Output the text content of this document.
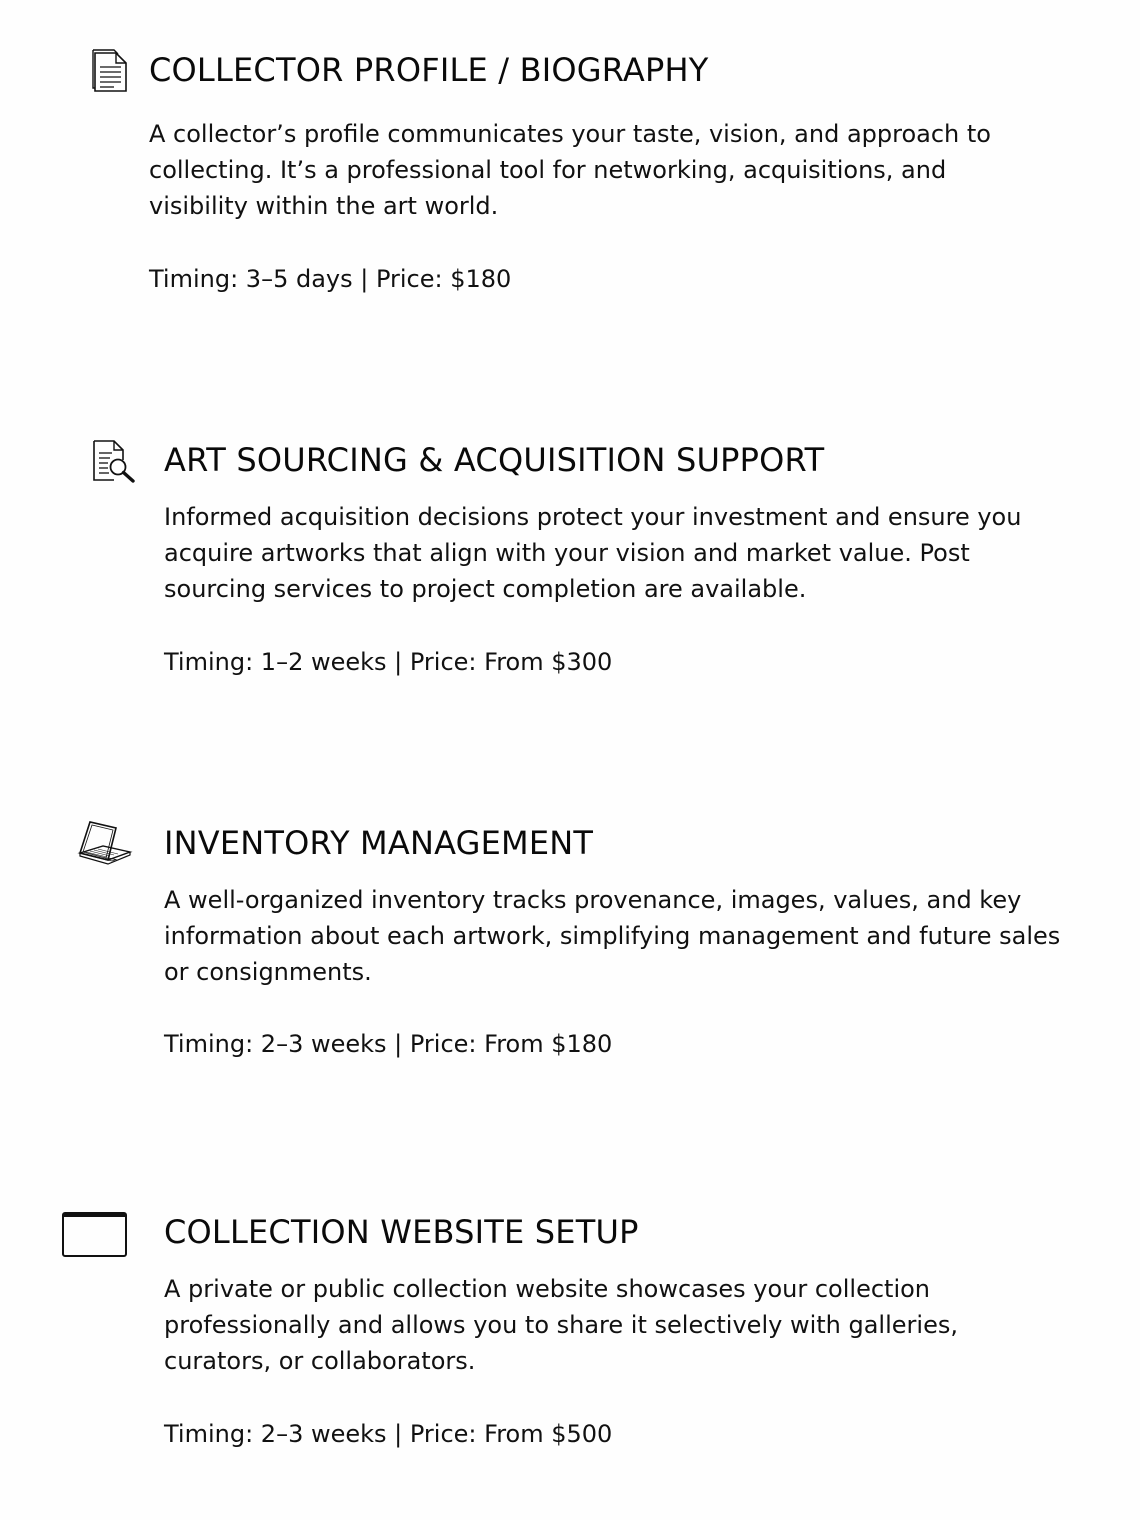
COLLECTOR PROFILE / BIOGRAPHY

A collector’s profile communicates your taste, vision, and approach to collecting. It’s a professional tool for networking, acquisitions, and visibility within the art world.

Timing: 3–5 days | Price: $180

ART SOURCING & ACQUISITION SUPPORT

Informed acquisition decisions protect your investment and ensure you acquire artworks that align with your vision and market value. Post sourcing services to project completion are available.

Timing: 1–2 weeks | Price: From $300

INVENTORY MANAGEMENT

A well-organized inventory tracks provenance, images, values, and key information about each artwork, simplifying management and future sales or consignments.

Timing: 2–3 weeks | Price: From $180

COLLECTION WEBSITE SETUP

A private or public collection website showcases your collection professionally and allows you to share it selectively with galleries, curators, or collaborators.

Timing: 2–3 weeks | Price: From $500
